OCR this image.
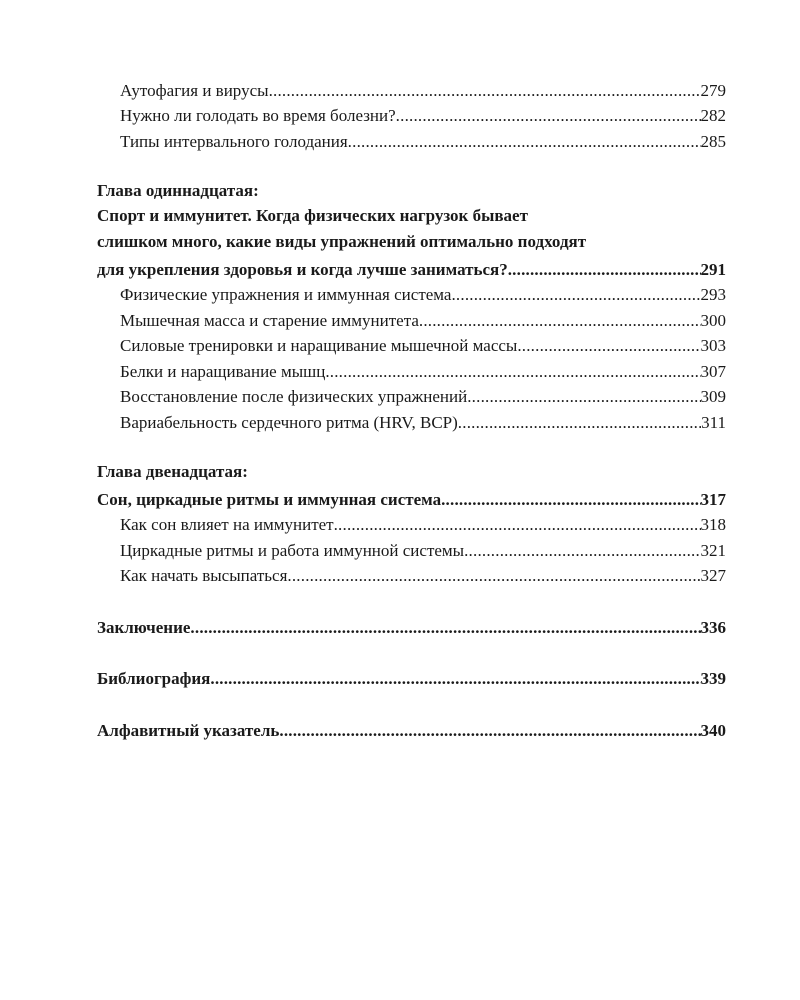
Аутофагия и вирусы .....	279
Нужно ли голодать во время болезни? .....	282
Типы интервального голодания .....	285
Глава одиннадцатая:
Спорт и иммунитет. Когда физических нагрузок бывает
слишком много, какие виды упражнений оптимально подходят
для укрепления здоровья и когда лучше заниматься? .....	291
Физические упражнения и иммунная система .....	293
Мышечная масса и старение иммунитета .....	300
Силовые тренировки и наращивание мышечной массы .....	303
Белки и наращивание мышц .....	307
Восстановление после физических упражнений .....	309
Вариабельность сердечного ритма (HRV, ВСР) .....	311
Глава двенадцатая:
Сон, циркадные ритмы и иммунная система .....	317
Как сон влияет на иммунитет .....	318
Циркадные ритмы и работа иммунной системы .....	321
Как начать высыпаться .....	327
Заключение .....	336
Библиография .....	339
Алфавитный указатель .....	340
